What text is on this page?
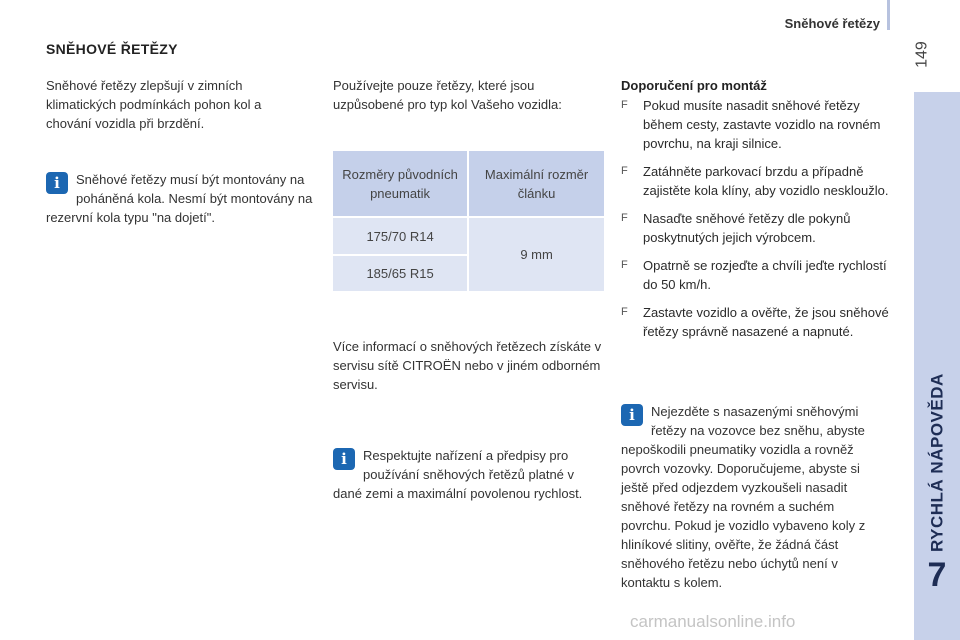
Sněhové řetězy
149
RYCHLÁ NÁPOVĚDA
7
SNĚHOVÉ ŘETĚZY
Sněhové řetězy zlepšují v zimních klimatických podmínkách pohon kol a chování vozidla při brzdění.
i	Sněhové řetězy musí být montovány na poháněná kola. Nesmí být montovány na rezervní kola typu "na dojetí".
Používejte pouze řetězy, které jsou uzpůsobené pro typ kol Vašeho vozidla:
Rozměry původních pneumatik	Maximální rozměr článku
175/70 R14	9 mm
185/65 R15	
Více informací o sněhových řetězech získáte v servisu sítě CITROËN nebo v jiném odborném servisu.
i	Respektujte nařízení a předpisy pro používání sněhových řetězů platné v dané zemi a maximální povolenou rychlost.
Doporučení pro montáž
F Pokud musíte nasadit sněhové řetězy během cesty, zastavte vozidlo na rovném povrchu, na kraji silnice.
F Zatáhněte parkovací brzdu a případně zajistěte kola klíny, aby vozidlo neskloužlo.
F Nasaďte sněhové řetězy dle pokynů poskytnutých jejich výrobcem.
F Opatrně se rozjeďte a chvíli jeďte rychlostí do 50 km/h.
F Zastavte vozidlo a ověřte, že jsou sněhové řetězy správně nasazené a napnuté.
i	Nejezděte s nasazenými sněhovými řetězy na vozovce bez sněhu, abyste nepoškodili pneumatiky vozidla a rovněž povrch vozovky. Doporučujeme, abyste si ještě před odjezdem vyzkoušeli nasadit sněhové řetězy na rovném a suchém povrchu. Pokud je vozidlo vybaveno koly z hliníkové slitiny, ověřte, že žádná část sněhového řetězu nebo úchytů není v kontaktu s kolem.
carmanualsonline.info
